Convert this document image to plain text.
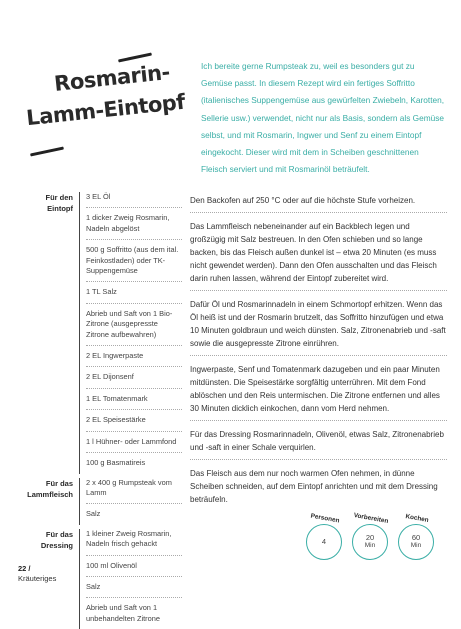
Rosmarin-
Lamm-Eintopf
Ich bereite gerne Rumpsteak zu, weil es besonders gut zu Gemüse passt. In diesem Rezept wird ein fertiges Soffritto (italienisches Suppengemüse aus gewürfelten Zwiebeln, Karotten, Sellerie usw.) verwendet, nicht nur als Basis, sondern als Gemüse selbst, und mit Rosmarin, Ingwer und Senf zu einem Eintopf eingekocht. Dieser wird mit dem in Scheiben geschnittenen Fleisch serviert und mit Rosmarinöl beträufelt.
Für den Eintopf
3 EL Öl
1 dicker Zweig Rosmarin, Nadeln abgelöst
500 g Soffritto (aus dem ital. Feinkostladen) oder TK-Suppengemüse
1 TL Salz
Abrieb und Saft von 1 Bio-Zitrone (ausgepresste Zitrone aufbewahren)
2 EL Ingwerpaste
2 EL Dijonsenf
1 EL Tomatenmark
2 EL Speisestärke
1 l Hühner- oder Lammfond
100 g Basmatireis
Für das Lammfleisch
2 x 400 g Rumpsteak vom Lamm
Salz
Für das Dressing
1 kleiner Zweig Rosmarin, Nadeln frisch gehackt
100 ml Olivenöl
Salz
Abrieb und Saft von 1 unbehandelten Zitrone

Den Backofen auf 250 °C oder auf die höchste Stufe vorheizen.

Das Lammfleisch nebeneinander auf ein Backblech legen und großzügig mit Salz bestreuen. In den Ofen schieben und so lange backen, bis das Fleisch außen dunkel ist – etwa 20 Minuten (es muss nicht gewendet werden). Dann den Ofen ausschalten und das Fleisch darin ruhen lassen, während der Eintopf zubereitet wird.

Dafür Öl und Rosmarinnadeln in einem Schmortopf erhitzen. Wenn das Öl heiß ist und der Rosmarin brutzelt, das Soffritto hinzufügen und etwa 10 Minuten goldbraun und weich dünsten. Salz, Zitronenabrieb und -saft sowie die ausgepresste Zitrone einrühren.

Ingwerpaste, Senf und Tomatenmark dazugeben und ein paar Minuten mitdünsten. Die Speisestärke sorgfältig unterrühren. Mit dem Fond ablöschen und den Reis untermischen. Die Zitrone entfernen und alles 30 Minuten dicklich einkochen, dann vom Herd nehmen.

Für das Dressing Rosmarinnadeln, Olivenöl, etwas Salz, Zitronenabrieb und -saft in einer Schale verquirlen.

Das Fleisch aus dem nur noch warmen Ofen nehmen, in dünne Scheiben schneiden, auf dem Eintopf anrichten und mit dem Dressing beträufeln.

Personen
4
Vorbereiten
20
Min
Kochen
60
Min
22 /
Kräuteriges
